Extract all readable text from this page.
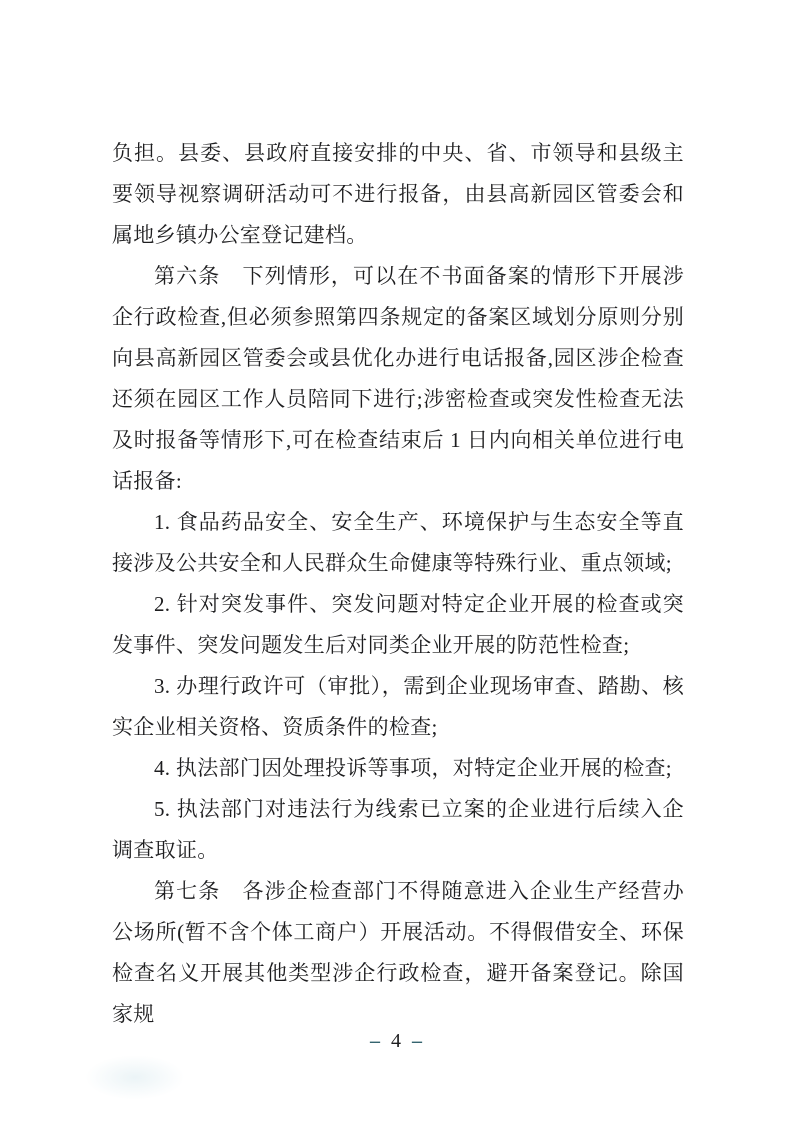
负担。县委、县政府直接安排的中央、省、市领导和县级主要领导视察调研活动可不进行报备，由县高新园区管委会和属地乡镇办公室登记建档。

第六条　下列情形，可以在不书面备案的情形下开展涉企行政检查,但必须参照第四条规定的备案区域划分原则分别向县高新园区管委会或县优化办进行电话报备,园区涉企检查还须在园区工作人员陪同下进行;涉密检查或突发性检查无法及时报备等情形下,可在检查结束后 1 日内向相关单位进行电话报备:

1. 食品药品安全、安全生产、环境保护与生态安全等直接涉及公共安全和人民群众生命健康等特殊行业、重点领域;

2. 针对突发事件、突发问题对特定企业开展的检查或突发事件、突发问题发生后对同类企业开展的防范性检查;

3. 办理行政许可（审批），需到企业现场审查、踏勘、核实企业相关资格、资质条件的检查;

4. 执法部门因处理投诉等事项，对特定企业开展的检查;

5. 执法部门对违法行为线索已立案的企业进行后续入企调查取证。

第七条　各涉企检查部门不得随意进入企业生产经营办公场所(暂不含个体工商户）开展活动。不得假借安全、环保检查名义开展其他类型涉企行政检查，避开备案登记。除国家规

– 4 –
